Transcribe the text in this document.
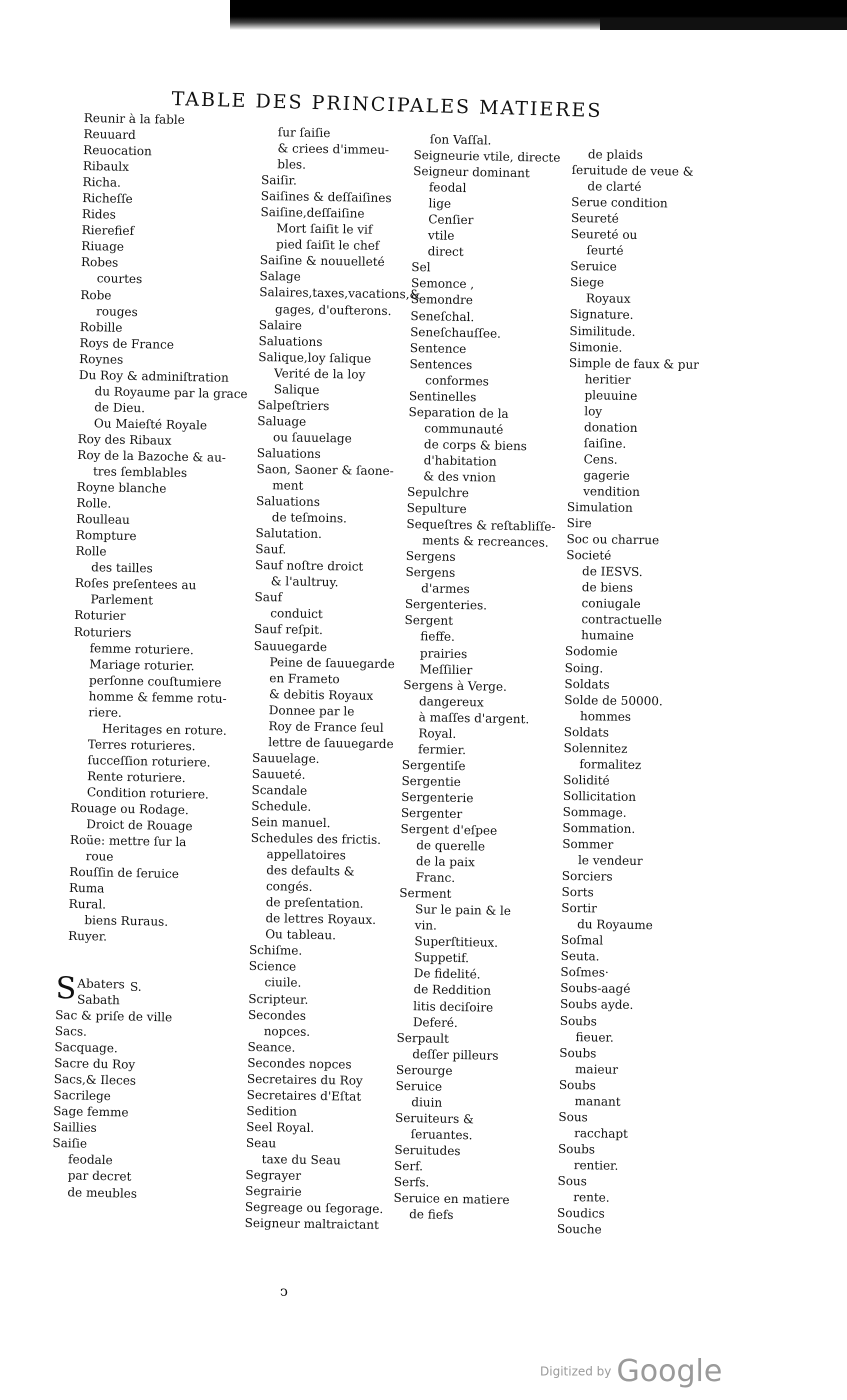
TABLE DES PRINCIPALES MATIERES
Reunir à la fable
Reuuard
Reuocation
Ribaulx
Richa.
Richeſſe
Rides
Rierefief
Riuage
Robes
courtes
Robe
rouges
Robille
Roys de France
Roynes
Du Roy & adminiſtration
du Royaume par la grace
de Dieu.
Ou Maieſté Royale
Roy des Ribaux
Roy de la Bazoche & au-
tres ſemblables
Royne blanche
Rolle.
Roulleau
Rompture
Rolle
des tailles
Roſes preſentees au
Parlement
Roturier
Roturiers
femme roturiere.
Mariage roturier.
perſonne couſtumiere
homme & femme rotu-
riere.
Heritages en roture.
Terres roturieres.
ſucceſſion roturiere.
Rente roturiere.
Condition roturiere.
Rouage ou Rodage.
Droict de Rouage
Roüe: mettre ſur la
roue
Rouſſin de ſeruice
Ruma
Rural.
biens Ruraus.
Ruyer.
S.
SAbaters
Sabath
Sac & priſe de ville
Sacs.
Sacquage.
Sacre du Roy
Sacs,& Ileces
Sacrilege
Sage femme
Saillies
Saiſie
feodale
par decret
de meubles
ſur ſaiſie
& criees d'immeu-
bles.
Saiſir.
Saiſines & deſſaiſines
Saiſine,deſſaiſine
Mort ſaiſit le vif
pied ſaiſit le chef
Saiſine & nouuelleté
Salage
Salaires,taxes,vacations,&
gages, d'oufterons.
Salaire
Saluations
Salique,loy ſalique
Verité de la loy
Salique
Salpeſtriers
Saluage
ou ſauuelage
Saluations
Saon, Saoner & ſaone-
ment
Saluations
de teſmoins.
Salutation.
Sauf.
Sauf noſtre droict
& l'aultruy.
Sauf
conduict
Sauf reſpit.
Sauuegarde
Peine de ſauuegarde
en Frameto
& debitis Royaux
Donnee par le
Roy de France ſeul
lettre de ſauuegarde
Sauuelage.
Sauueté.
Scandale
Schedule.
Sein manuel.
Schedules des frictis.
appellatoires
des defaults &
congés.
de preſentation.
de lettres Royaux.
Ou tableau.
Schiſme.
Science
ciuile.
Scripteur.
Secondes
nopces.
Seance.
Secondes nopces
Secretaires du Roy
Secretaires d'Eſtat
Sedition
Seel Royal.
Seau
taxe du Seau
Segrayer
Segrairie
Segreage ou ſegorage.
Seigneur maltraictant
ſon Vaſſal.
Seigneurie vtile, directe
Seigneur dominant
feodal
lige
Cenſier
vtile
direct
Sel
Semonce ,
Semondre
Seneſchal.
Seneſchauſſee.
Sentence
Sentences
conformes
Sentinelles
Separation de la
communauté
de corps & biens
d'habitation
& des vnion
Sepulchre
Sepulture
Sequeſtres & reſtabliſſe-
ments & recreances.
Sergens
Sergens
d'armes
Sergenteries.
Sergent
fieffe.
prairies
Meſſilier
Sergens à Verge.
dangereux
à maſſes d'argent.
Royal.
fermier.
Sergentiſe
Sergentie
Sergenterie
Sergenter
Sergent d'eſpee
de querelle
de la paix
Franc.
Serment
Sur le pain & le
vin.
Superſtitieux.
Suppetif.
De fidelité.
de Reddition
litis deciſoire
Deferé.
Serpault
deſſer pilleurs
Serourge
Seruice
diuin
Seruiteurs &
ſeruantes.
Seruitudes
Serf.
Serfs.
Seruice en matiere
de fiefs
de plaids
ſeruitude de veue &
de clarté
Serue condition
Seureté
Seureté ou
ſeurté
Seruice
Siege
Royaux
Signature.
Similitude.
Simonie.
Simple de faux & pur
heritier
pleuuine
loy
donation
ſaiſine.
Cens.
gagerie
vendition
Simulation
Sire
Soc ou charrue
Societé
de IESVS.
de biens
coniugale
contractuelle
humaine
Sodomie
Soing.
Soldats
Solde de 50000.
hommes
Soldats
Solennitez
formalitez
Solidité
Sollicitation
Sommage.
Sommation.
Sommer
le vendeur
Sorciers
Sorts
Sortir
du Royaume
Soſmal
Seuta.
Soſmes·
Soubs-aagé
Soubs ayde.
Soubs
fieuer.
Soubs
maieur
Soubs
manant
Sous
racchapt
Soubs
rentier.
Sous
rente.
Soudics
Souche
ↄ
Digitized by Google
